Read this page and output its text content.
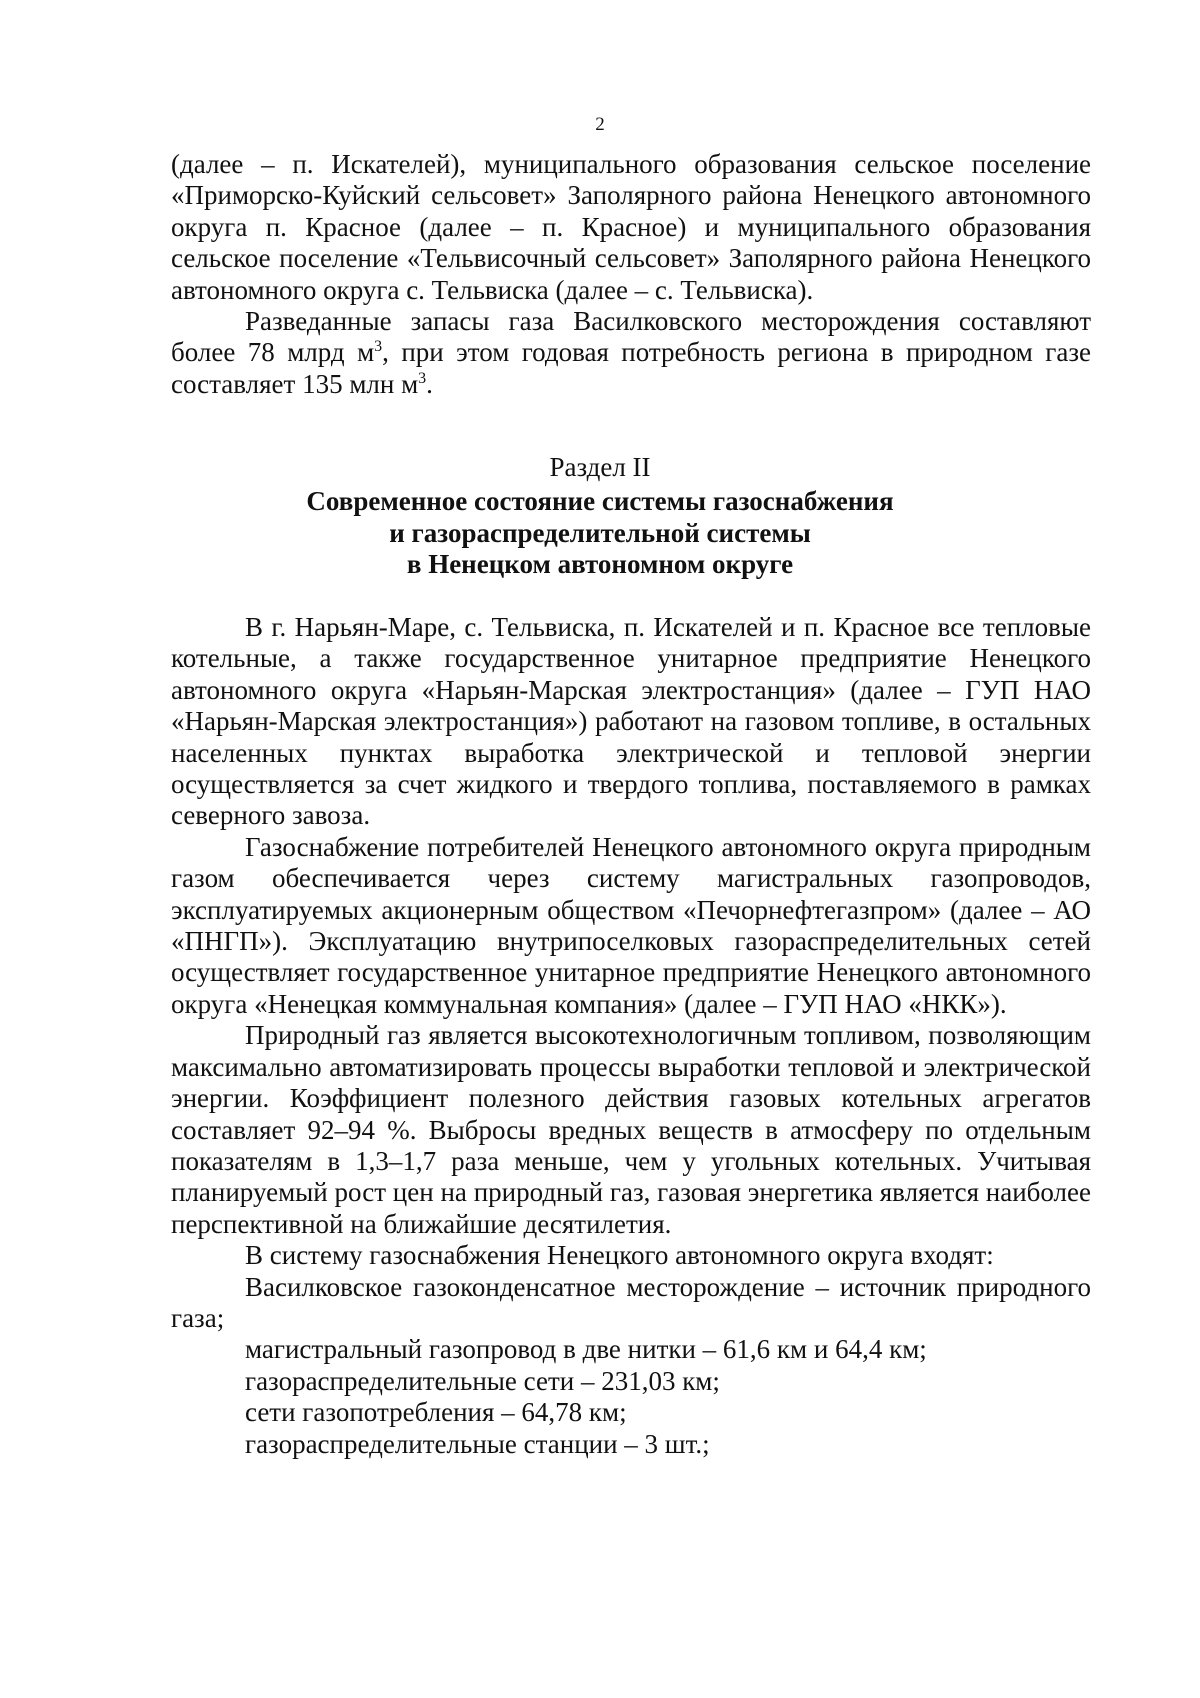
2

(далее – п. Искателей), муниципального образования сельское поселение «Приморско-Куйский сельсовет» Заполярного района Ненецкого автономного округа п. Красное (далее – п. Красное) и муниципального образования сельское поселение «Тельвисочный сельсовет» Заполярного района Ненецкого автономного округа с. Тельвиска (далее – с. Тельвиска).

Разведанные запасы газа Василковского месторождения составляют более 78 млрд $м^3$, при этом годовая потребность региона в природном газе составляет 135 млн $м^3$.

Раздел II
Современное состояние системы газоснабжения
и газораспределительной системы
в Ненецком автономном округе

В г. Нарьян-Маре, с. Тельвиска, п. Искателей и п. Красное все тепловые котельные, а также государственное унитарное предприятие Ненецкого автономного округа «Нарьян-Марская электростанция» (далее – ГУП НАО «Нарьян-Марская электростанция») работают на газовом топливе, в остальных населенных пунктах выработка электрической и тепловой энергии осуществляется за счет жидкого и твердого топлива, поставляемого в рамках северного завоза.

Газоснабжение потребителей Ненецкого автономного округа природным газом обеспечивается через систему магистральных газопроводов, эксплуатируемых акционерным обществом «Печорнефтегазпром» (далее – АО «ПНГП»). Эксплуатацию внутрипоселковых газораспределительных сетей осуществляет государственное унитарное предприятие Ненецкого автономного округа «Ненецкая коммунальная компания» (далее – ГУП НАО «НКК»).

Природный газ является высокотехнологичным топливом, позволяющим максимально автоматизировать процессы выработки тепловой и электрической энергии. Коэффициент полезного действия газовых котельных агрегатов составляет 92–94 %. Выбросы вредных веществ в атмосферу по отдельным показателям в 1,3–1,7 раза меньше, чем у угольных котельных. Учитывая планируемый рост цен на природный газ, газовая энергетика является наиболее перспективной на ближайшие десятилетия.

В систему газоснабжения Ненецкого автономного округа входят:

Василковское газоконденсатное месторождение – источник природного газа;

магистральный газопровод в две нитки – 61,6 км и 64,4 км;

газораспределительные сети – 231,03 км;

сети газопотребления – 64,78 км;

газораспределительные станции – 3 шт.;
